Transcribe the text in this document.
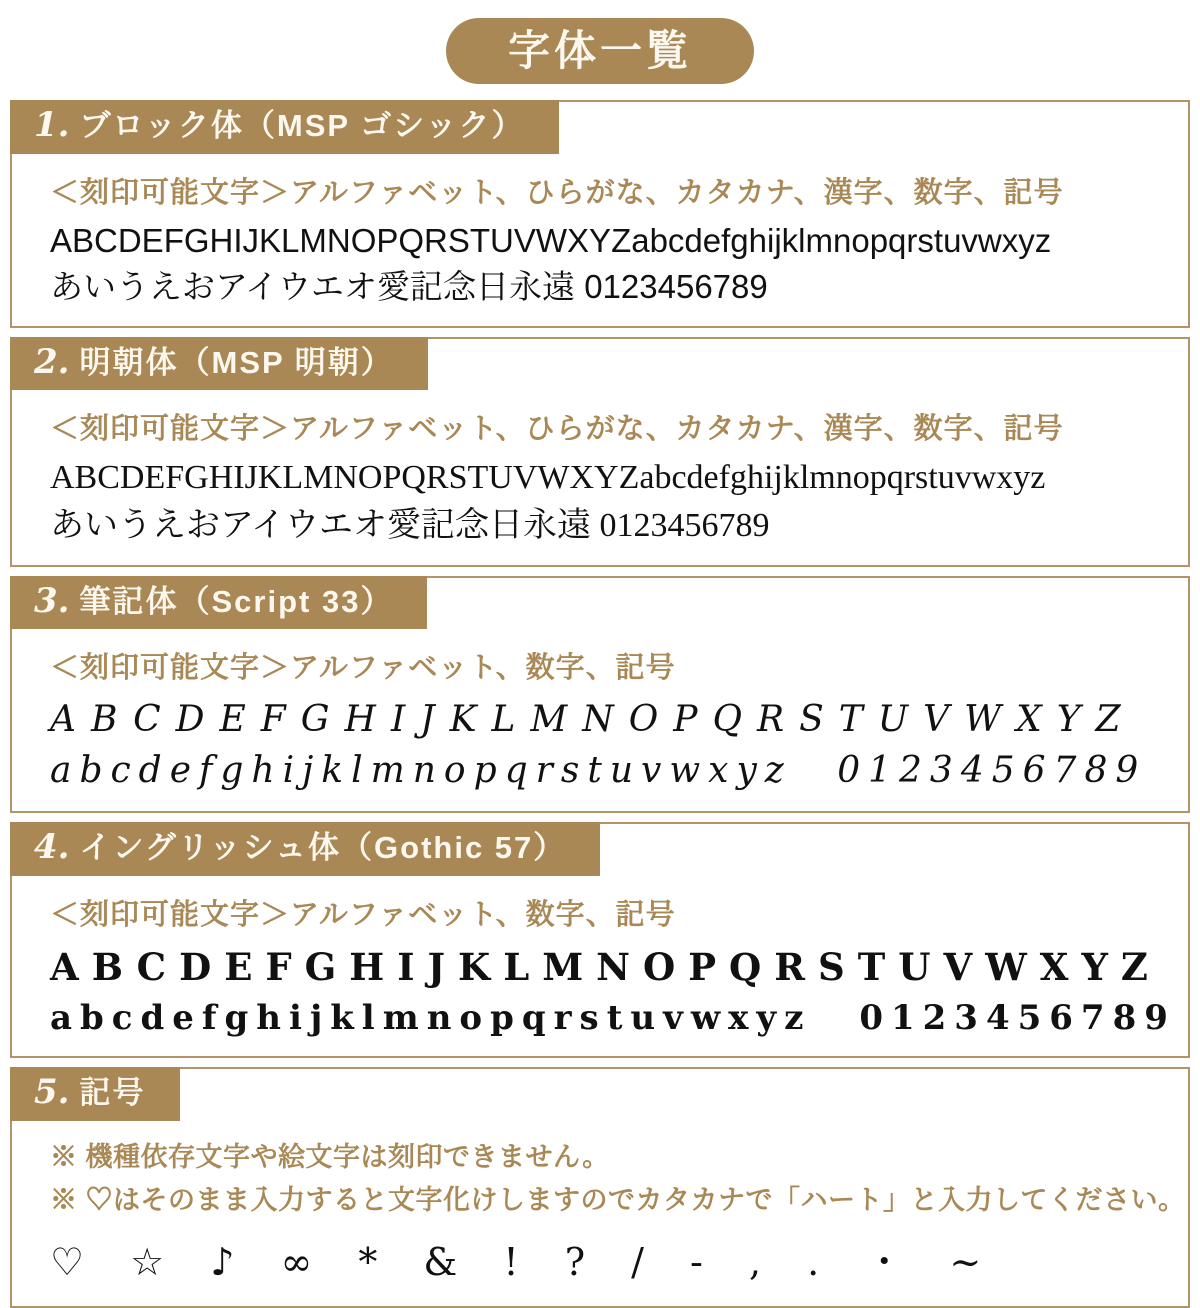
字体一覧
1. ブロック体（MSP ゴシック）

＜刻印可能文字＞アルファベット、ひらがな、カタカナ、漢字、数字、記号

ABCDEFGHIJKLMNOPQRSTUVWXYZabcdefghijklmnopqrstuvwxyz

あいうえおアイウエオ愛記念日永遠 0123456789

2. 明朝体（MSP 明朝）

＜刻印可能文字＞アルファベット、ひらがな、カタカナ、漢字、数字、記号

ABCDEFGHIJKLMNOPQRSTUVWXYZabcdefghijklmnopqrstuvwxyz

あいうえおアイウエオ愛記念日永遠 0123456789

3. 筆記体（Script 33）

＜刻印可能文字＞アルファベット、数字、記号

ABCDEFGHIJKLMNOPQRSTUVWXYZ

abcdefghijklmnopqrstuvwxyz 0123456789

4. イングリッシュ体（Gothic 57）

＜刻印可能文字＞アルファベット、数字、記号

ABCDEFGHIJKLMNOPQRSTUVWXYZ

abcdefghijklmnopqrstuvwxyz 0123456789

5. 記号

※ 機種依存文字や絵文字は刻印できません。

※ ♡はそのまま入力すると文字化けしますのでカタカナで「ハート」と入力してください。

♡ ☆ ♪ ∞ * & ! ? / - , . ・ ~
